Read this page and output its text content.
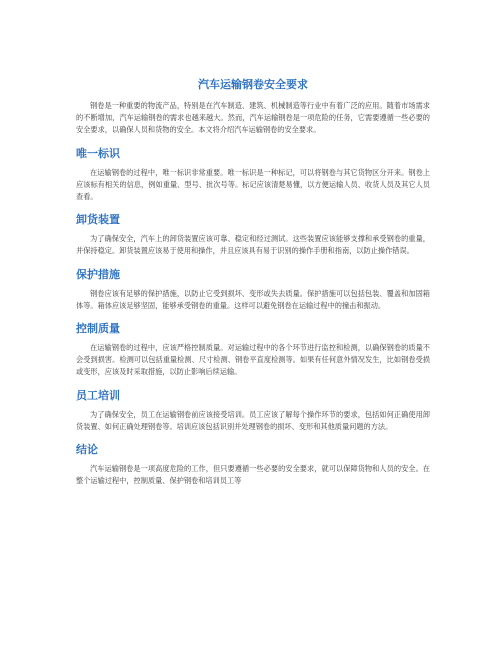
汽车运输钢卷安全要求

钢卷是一种重要的物流产品，特别是在汽车制造、建筑、机械制造等行业中有着广泛的应用。随着市场需求的不断增加，汽车运输钢卷的需求也越来越大。然而，汽车运输钢卷是一项危险的任务，它需要遵循一些必要的安全要求，以确保人员和货物的安全。本文将介绍汽车运输钢卷的安全要求。

唯一标识

在运输钢卷的过程中，唯一标识非常重要。唯一标识是一种标记，可以将钢卷与其它货物区分开来。钢卷上应该标有相关的信息，例如重量、型号、批次号等。标记应该清楚易懂，以方便运输人员、收货人员及其它人员查看。

卸货装置

为了确保安全，汽车上的卸货装置应该可靠、稳定和经过测试。这些装置应该能够支撑和承受钢卷的重量，并保持稳定。卸货装置应该易于使用和操作，并且应该具有易于识别的操作手册和指南，以防止操作错误。

保护措施

钢卷应该有足够的保护措施，以防止它受到损坏、变形或失去质量。保护措施可以包括包装、覆盖和加固箱体等。箱体应该足够坚固，能够承受钢卷的重量。这样可以避免钢卷在运输过程中的撞击和振动。

控制质量

在运输钢卷的过程中，应该严格控制质量。对运输过程中的各个环节进行监控和检测，以确保钢卷的质量不会受到损害。检测可以包括重量检测、尺寸检测、钢卷平直度检测等。如果有任何意外情况发生，比如钢卷受损或变形，应该及时采取措施，以防止影响后续运输。

员工培训

为了确保安全，员工在运输钢卷前应该接受培训。员工应该了解每个操作环节的要求，包括如何正确使用卸货装置、如何正确处理钢卷等。培训应该包括识别并处理钢卷的损坏、变形和其他质量问题的方法。

结论

汽车运输钢卷是一项高度危险的工作，但只要遵循一些必要的安全要求，就可以保障货物和人员的安全。在整个运输过程中，控制质量、保护钢卷和培训员工等
